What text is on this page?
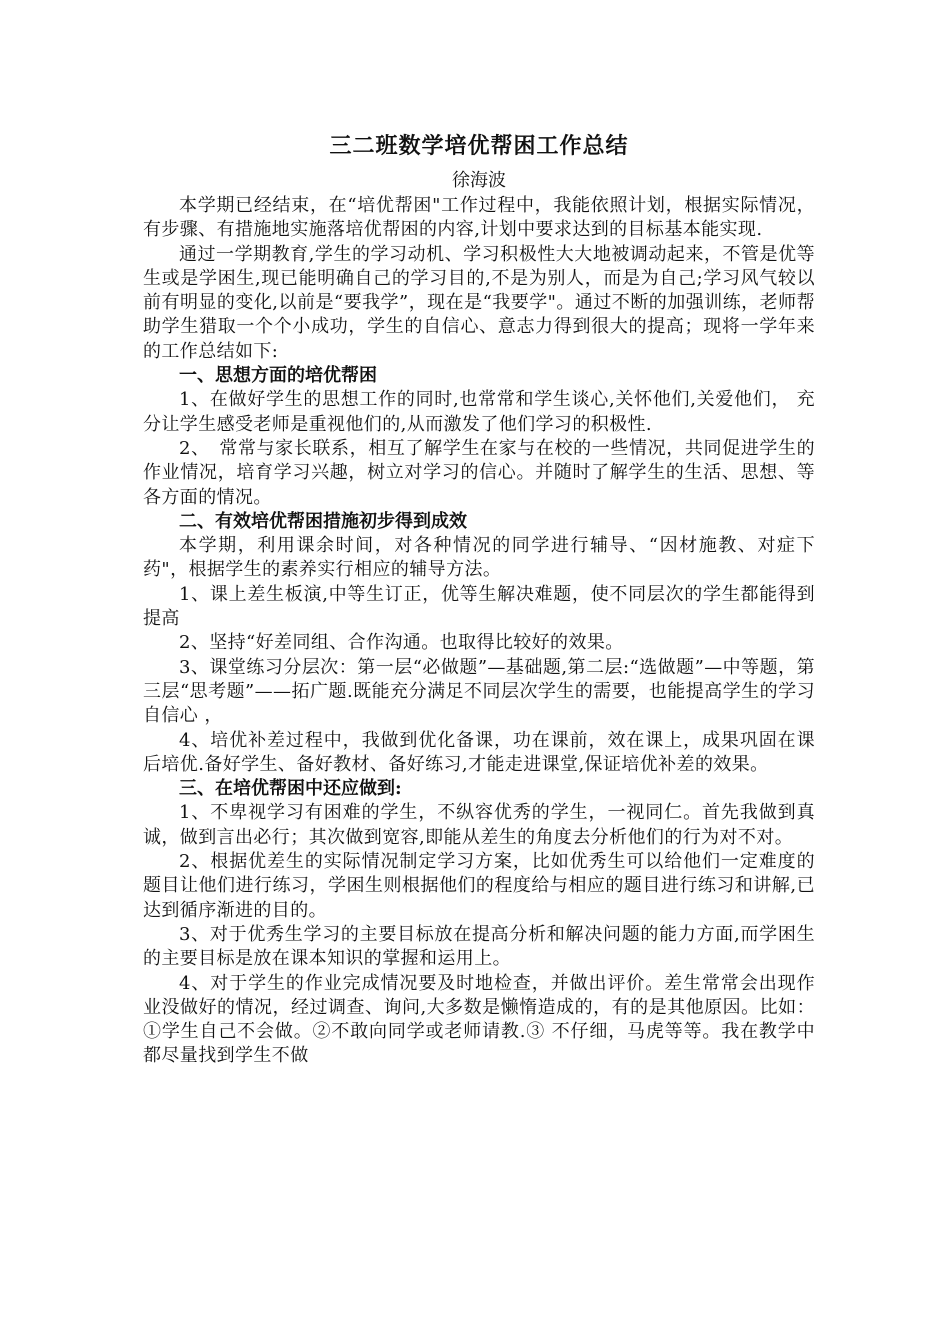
三二班数学培优帮困工作总结

徐海波

本学期已经结束，在“培优帮困"工作过程中，我能依照计划，根据实际情况，有步骤、有措施地实施落培优帮困的内容,计划中要求达到的目标基本能实现.

通过一学期教育,学生的学习动机、学习积极性大大地被调动起来，不管是优等生或是学困生,现已能明确自己的学习目的,不是为别人，而是为自己;学习风气较以前有明显的变化,以前是“要我学”，现在是“我要学"。通过不断的加强训练，老师帮助学生猎取一个个小成功，学生的自信心、意志力得到很大的提高；现将一学年来的工作总结如下:

一、思想方面的培优帮困

1、在做好学生的思想工作的同时,也常常和学生谈心,关怀他们,关爱他们， 充分让学生感受老师是重视他们的,从而激发了他们学习的积极性.

2、　常常与家长联系，相互了解学生在家与在校的一些情况，共同促进学生的作业情况，培育学习兴趣，树立对学习的信心。并随时了解学生的生活、思想、等各方面的情况。

二、有效培优帮困措施初步得到成效

本学期，利用课余时间，对各种情况的同学进行辅导、“因材施教、对症下药"，根据学生的素养实行相应的辅导方法。

1、课上差生板演,中等生订正，优等生解决难题，使不同层次的学生都能得到提高

2、坚持“好差同组、合作沟通。也取得比较好的效果。

3、课堂练习分层次：第一层“必做题”—基础题,第二层:“选做题”—中等题，第三层“思考题”——拓广题.既能充分满足不同层次学生的需要，也能提高学生的学习自信心 ，

4、培优补差过程中，我做到优化备课，功在课前，效在课上，成果巩固在课后培优.备好学生、备好教材、备好练习,才能走进课堂,保证培优补差的效果。

三、在培优帮困中还应做到:

1、不卑视学习有困难的学生，不纵容优秀的学生，一视同仁。首先我做到真诚，做到言出必行；其次做到宽容,即能从差生的角度去分析他们的行为对不对。

2、根据优差生的实际情况制定学习方案，比如优秀生可以给他们一定难度的题目让他们进行练习，学困生则根据他们的程度给与相应的题目进行练习和讲解,已达到循序渐进的目的。

3、对于优秀生学习的主要目标放在提高分析和解决问题的能力方面,而学困生的主要目标是放在课本知识的掌握和运用上。

4、对于学生的作业完成情况要及时地检查，并做出评价。差生常常会出现作业没做好的情况，经过调查、询问,大多数是懒惰造成的，有的是其他原因。比如：①学生自己不会做。②不敢向同学或老师请教.③ 不仔细，马虎等等。我在教学中都尽量找到学生不做
